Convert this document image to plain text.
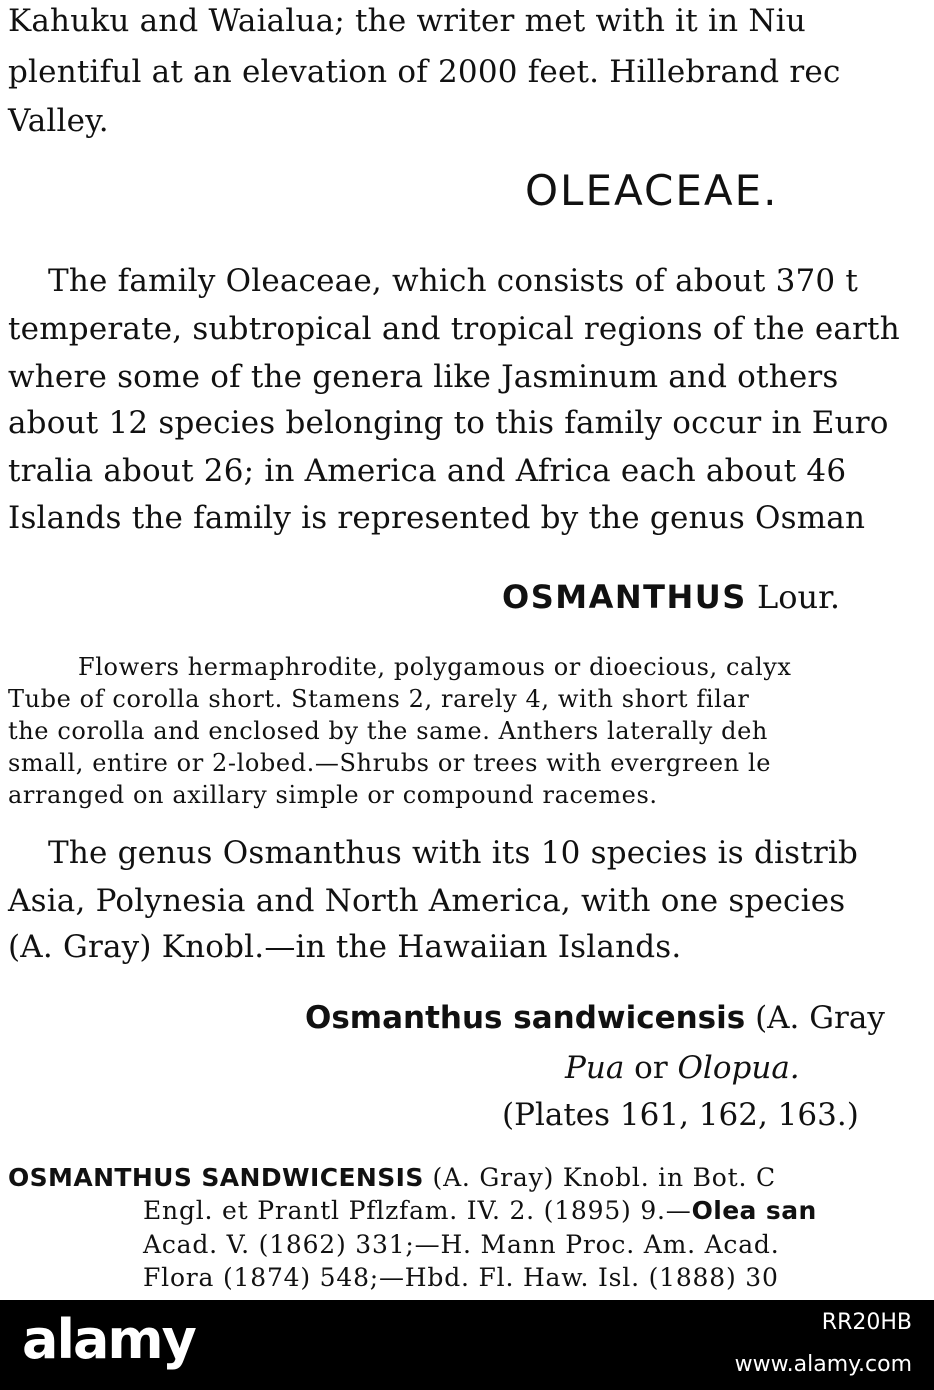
Kahuku and Waialua; the writer met with it in Niu
plentiful at an elevation of 2000 feet. Hillebrand rec
Valley.
OLEACEAE.
The family Oleaceae, which consists of about 370 t
temperate, subtropical and tropical regions of the earth
where some of the genera like Jasminum and others
about 12 species belonging to this family occur in Euro
tralia about 26; in America and Africa each about 46
Islands the family is represented by the genus Osman
OSMANTHUS Lour.
Flowers hermaphrodite, polygamous or dioecious, calyx
Tube of corolla short. Stamens 2, rarely 4, with short filar
the corolla and enclosed by the same. Anthers laterally deh
small, entire or 2-lobed.—Shrubs or trees with evergreen le
arranged on axillary simple or compound racemes.
The genus Osmanthus with its 10 species is distrib
Asia, Polynesia and North America, with one species
(A. Gray) Knobl.—in the Hawaiian Islands.
Osmanthus sandwicensis (A. Gray
Pua or Olopua.
(Plates 161, 162, 163.)
OSMANTHUS SANDWICENSIS (A. Gray) Knobl. in Bot. C
Engl. et Prantl Pflzfam. IV. 2. (1895) 9.—Olea san
Acad. V. (1862) 331;—H. Mann Proc. Am. Acad.
Flora (1874) 548;—Hbd. Fl. Haw. Isl. (1888) 30
alamy	RR20HB
www.alamy.com
